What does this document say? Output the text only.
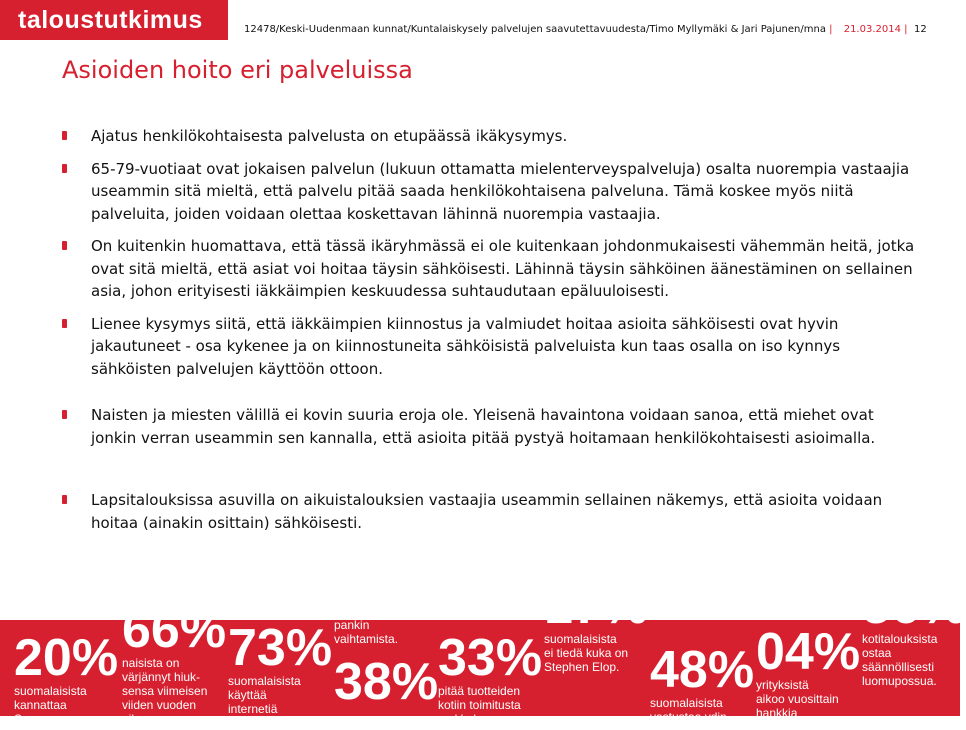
taloustutkimus oy
12478/Keski-Uudenmaan kunnat/Kuntalaiskysely palvelujen saavutettavuudesta/Timo Myllymäki & Jari Pajunen/mna | 21.03.2014 | 12
Asioiden hoito eri palveluissa
Ajatus henkilökohtaisesta palvelusta on etupäässä ikäkysymys.
65-79-vuotiaat ovat jokaisen palvelun (lukuun ottamatta mielenterveyspalveluja) osalta nuorempia vastaajia useammin sitä mieltä, että palvelu pitää saada henkilökohtaisena palveluna. Tämä koskee myös niitä palveluita, joiden voidaan olettaa koskettavan lähinnä nuorempia vastaajia.
On kuitenkin huomattava, että tässä ikäryhmässä ei ole kuitenkaan johdonmukaisesti vähemmän heitä, jotka ovat sitä mieltä, että asiat voi hoitaa täysin sähköisesti. Lähinnä täysin sähköinen äänestäminen on sellainen asia, johon erityisesti iäkkäimpien keskuudessa suhtaudutaan epäluuloisesti.
Lienee kysymys siitä, että iäkkäimpien kiinnostus ja valmiudet hoitaa asioita sähköisesti ovat hyvin jakautuneet - osa kykenee ja on kiinnostuneita sähköisistä palveluista kun taas osalla on iso kynnys sähköisten palvelujen käyttöön ottoon.
Naisten ja miesten välillä ei kovin suuria eroja ole. Yleisenä havaintona voidaan sanoa, että miehet ovat jonkin verran useammin sen kannalla, että asioita pitää pystyä hoitamaan henkilökohtaisesti asioimalla.
Lapsitalouksissa asuvilla on aikuistalouksien vastaajia useammin sellainen näkemys, että asioita voidaan hoitaa (ainakin osittain) sähköisesti.
20%
suomalaisista
kannattaa
Suomen
66%
naisista on
värjännyt hiuk-
sensa viimeisen
viiden vuoden
aikana.
73%
suomalaisista
käyttää
internetiä
päivittäin tai
pankin
vaihtamista.
38% 33%
pitää tuotteiden
kotiin toimitusta
verkkokaupan
17%
suomalaisista
ei tiedä kuka on
Stephen Elop. 48%
suomalaisista
vastustaa ydin-
04%
yrityksistä
aikoo vuosittain
hankkia
56%
kotitalouksista
ostaa
säännöllisesti
luomupossua.
